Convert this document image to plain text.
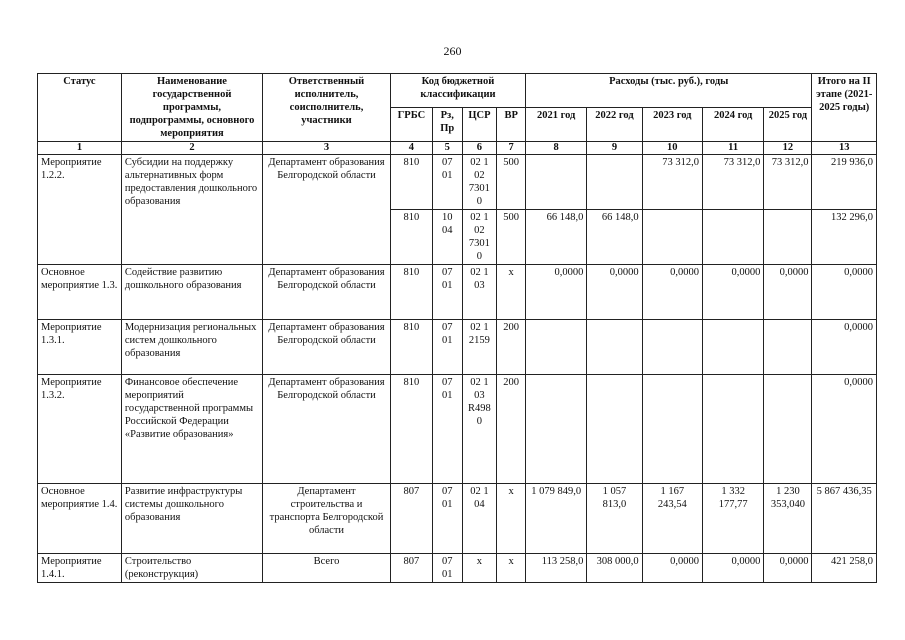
260
Статус	Наименование государственной программы, подпрограммы, основного мероприятия	Ответственный исполнитель, соисполнитель, участники	Код бюджетной классификации				Расходы (тыс. руб.), годы					Итого на II этапе (2021-2025 годы)
			ГРБС	Рз, Пр	ЦСР	ВР	2021 год	2022 год	2023 год	2024 год	2025 год	
1	2	3	4	5	6	7	8	9	10	11	12	13
Мероприятие 1.2.2.	Субсидии на поддержку альтернативных форм предоставления дошкольного образования	Департамент образования Белгородской области	810	07 01	02 1 02 7301 0	500			73 312,0	73 312,0	73 312,0	219 936,0
			810	10 04	02 1 02 7301 0	500	66 148,0	66 148,0				132 296,0
Основное мероприятие 1.3.	Содействие развитию дошкольного образования	Департамент образования Белгородской области	810	07 01	02 1 03	х	0,0000	0,0000	0,0000	0,0000	0,0000	0,0000
Мероприятие 1.3.1.	Модернизация региональных систем дошкольного образования	Департамент образования Белгородской области	810	07 01	02 1 2159	200						0,0000
Мероприятие 1.3.2.	Финансовое обеспечение мероприятий государственной программы Российской Федерации «Развитие образования»	Департамент образования Белгородской области	810	07 01	02 1 03 R498 0	200						0,0000
Основное мероприятие 1.4.	Развитие инфраструктуры системы дошкольного образования	Департамент строительства и транспорта Белгородской области	807	07 01	02 1 04	х	1 079 849,0	1 057 813,0	1 167 243,54	1 332 177,77	1 230 353,040	5 867 436,35
Мероприятие 1.4.1.	Строительство (реконструкция)	Всего	807	07 01	х	х	113 258,0	308 000,0	0,0000	0,0000	0,0000	421 258,0
